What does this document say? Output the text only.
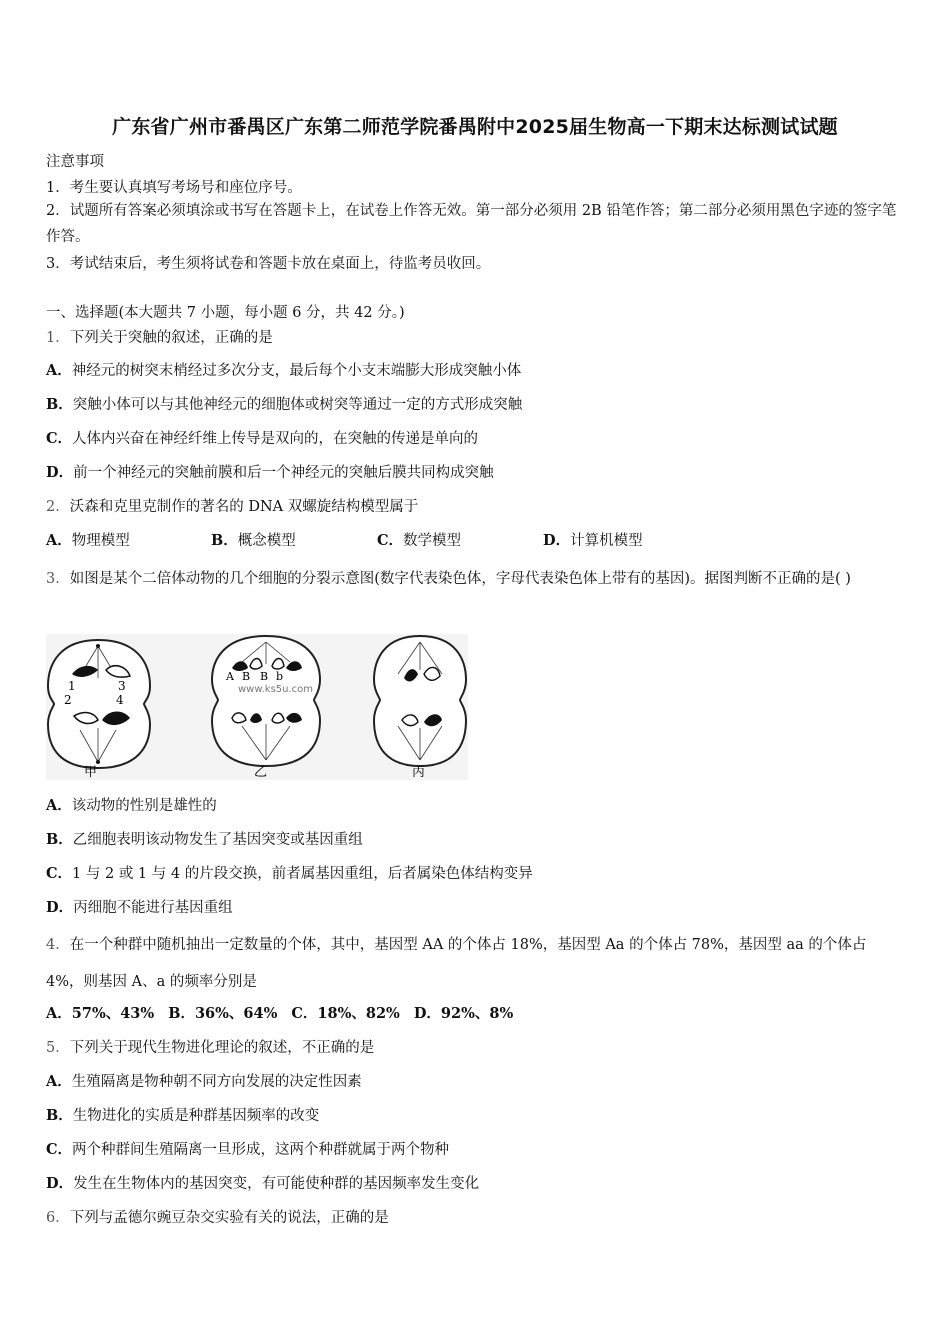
广东省广州市番禺区广东第二师范学院番禺附中2025届生物高一下期末达标测试试题
注意事项
1．考生要认真填写考场号和座位序号。
2．试题所有答案必须填涂或书写在答题卡上，在试卷上作答无效。第一部分必须用 2B 铅笔作答；第二部分必须用黑色字迹的签字笔作答。
3．考试结束后，考生须将试卷和答题卡放在桌面上，待监考员收回。
一、选择题(本大题共 7 小题，每小题 6 分，共 42 分。)
1．下列关于突触的叙述，正确的是
A．神经元的树突末梢经过多次分支，最后每个小支末端膨大形成突触小体
B．突触小体可以与其他神经元的细胞体或树突等通过一定的方式形成突触
C．人体内兴奋在神经纤维上传导是双向的，在突触的传递是单向的
D．前一个神经元的突触前膜和后一个神经元的突触后膜共同构成突触
2．沃森和克里克制作的著名的 DNA 双螺旋结构模型属于
A．物理模型	B．概念模型	C．数学模型	D．计算机模型
3．如图是某个二倍体动物的几个细胞的分裂示意图(数字代表染色体，字母代表染色体上带有的基因)。据图判断不正确的是( )
1	3
2	4
A B B b
www.ks5u.com
甲	乙	丙
A．该动物的性别是雄性的
B．乙细胞表明该动物发生了基因突变或基因重组
C．1 与 2 或 1 与 4 的片段交换，前者属基因重组，后者属染色体结构变异
D．丙细胞不能进行基因重组
4．在一个种群中随机抽出一定数量的个体，其中，基因型 AA 的个体占 18%，基因型 Aa 的个体占 78%，基因型 aa 的个体占 4%，则基因 A、a 的频率分别是
A．57%、43% B．36%、64% C．18%、82% D．92%、8%
5．下列关于现代生物进化理论的叙述，不正确的是
A．生殖隔离是物种朝不同方向发展的决定性因素
B．生物进化的实质是种群基因频率的改变
C．两个种群间生殖隔离一旦形成，这两个种群就属于两个物种
D．发生在生物体内的基因突变，有可能使种群的基因频率发生变化
6．下列与孟德尔豌豆杂交实验有关的说法，正确的是
